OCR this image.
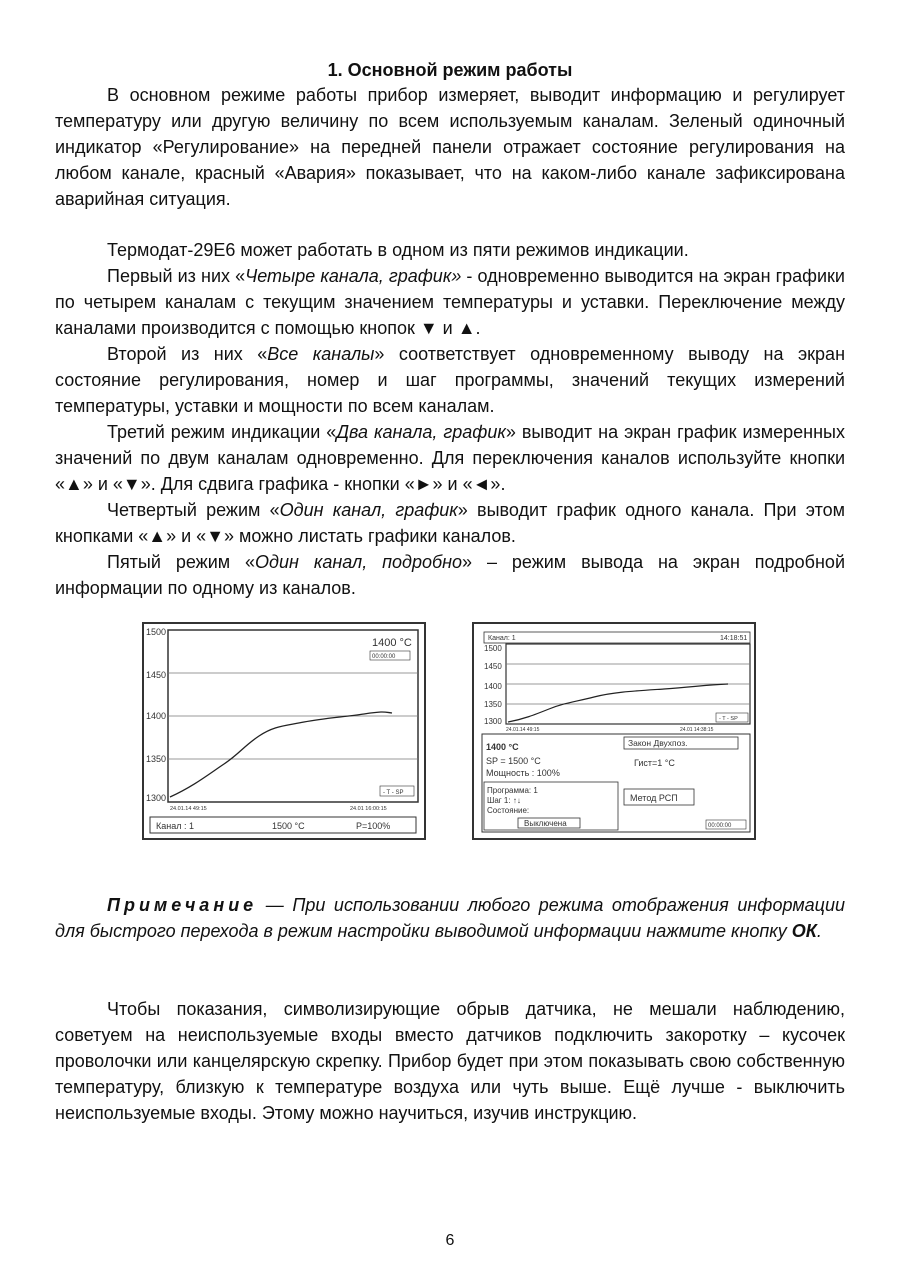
1. Основной режим работы
В основном режиме работы прибор измеряет, выводит информацию и регулирует температуру или другую величину по всем используемым каналам. Зеленый одиночный индикатор «Регулирование» на передней панели отражает состояние регулирования на любом канале, красный «Авария» показывает, что на каком-либо канале зафиксирована аварийная ситуация.
Термодат-29Е6 может работать в одном из пяти режимов индикации.
Первый из них «Четыре канала, график» - одновременно выводится на экран графики по четырем каналам с текущим значением температуры и уставки. Переключение между каналами производится с помощью кнопок ▼ и ▲.
Второй из них «Все каналы» соответствует одновременному выводу на экран состояние регулирования, номер и шаг программы, значений текущих измерений температуры, уставки и мощности по всем каналам.
Третий режим индикации «Два канала, график» выводит на экран график измеренных значений по двум каналам одновременно. Для переключения каналов используйте кнопки «▲» и «▼». Для сдвига графика - кнопки «►» и «◄».
Четвертый режим «Один канал, график» выводит график одного канала. При этом кнопками «▲» и «▼» можно листать графики каналов.
Пятый режим «Один канал, подробно» – режим вывода на экран подробной информации по одному из каналов.
1500
1450
1400
1350
1300
1400 °C
00:00:00
- T - SP
24.01.14 49:15	24.01 16:00:15
Канал : 1	1500 °C	P=100%
Канал: 1	14:18:51
1500
1450
1400
1350
1300	- T - SP
24.01.14 49:15	24.01 14:38:15
1400 °C
SP = 1500 °C
Мощность : 100%
Закон Двухпоз.
Гист=1 °C
Программа: 1
Шаг 1: ↑↓
Состояние:
Выключена
Метод РСП
00:00:00
Примечание — При использовании любого режима отображения информации для быстрого перехода в режим настройки выводимой информации нажмите кнопку ОК.
Чтобы показания, символизирующие обрыв датчика, не мешали наблюдению, советуем на неиспользуемые входы вместо датчиков подключить закоротку – кусочек проволочки или канцелярскую скрепку. Прибор будет при этом показывать свою собственную температуру, близкую к температуре воздуха или чуть выше. Ещё лучше - выключить неиспользуемые входы. Этому можно научиться, изучив инструкцию.
6
